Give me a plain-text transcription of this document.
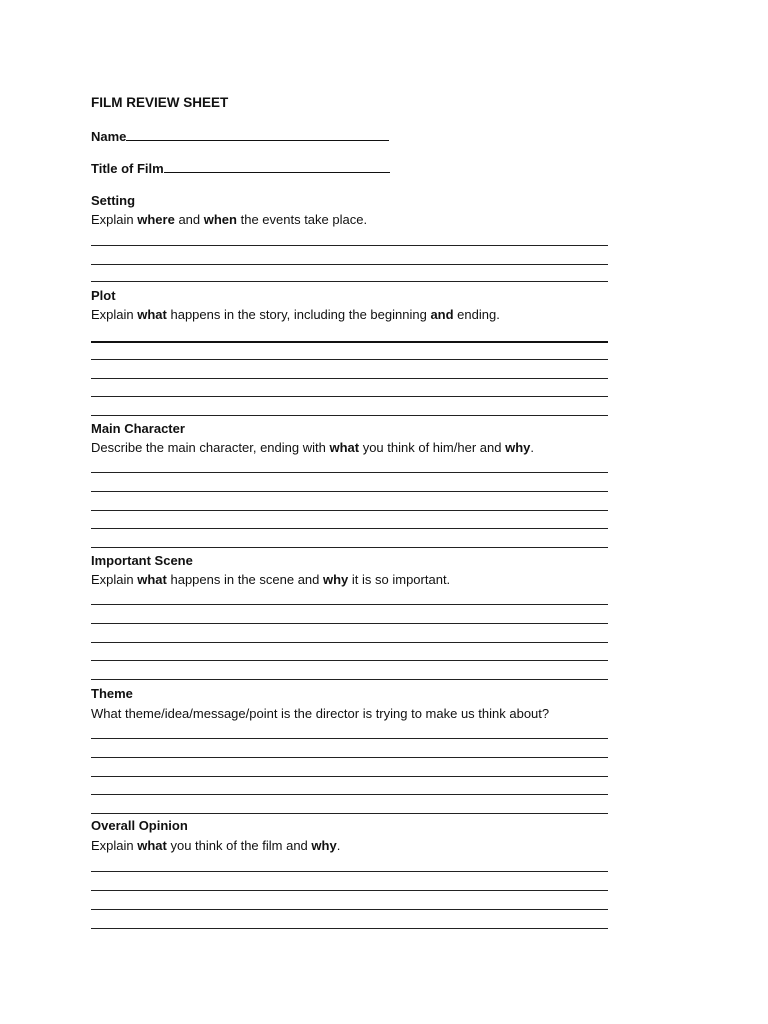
FILM REVIEW SHEET
Name
Title of Film
Setting
Explain where and when the events take place.
Plot
Explain what happens in the story, including the beginning and ending.
Main Character
Describe the main character, ending with what you think of him/her and why.
Important Scene
Explain what happens in the scene and why it is so important.
Theme
What theme/idea/message/point is the director is trying to make us think about?
Overall Opinion
Explain what you think of the film and why.
